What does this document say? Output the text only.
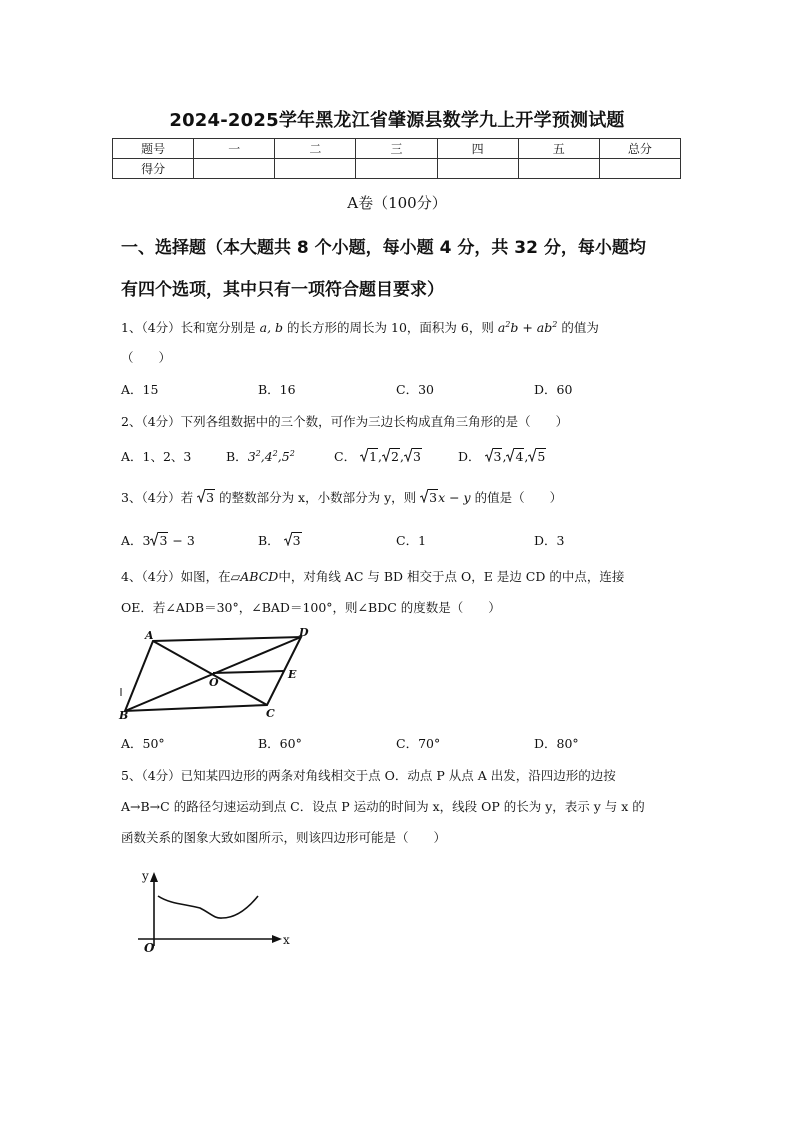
2024-2025学年黑龙江省肇源县数学九上开学预测试题
题号	一	二	三	四	五	总分
得分						
A卷（100分）
一、选择题（本大题共 8 个小题，每小题 4 分，共 32 分，每小题均
有四个选项，其中只有一项符合题目要求）
1、（4分）长和宽分别是 a, b 的长方形的周长为 10，面积为 6，则 $a^2b + ab^2$ 的值为
（　　）
A．15	B．16	C．30	D．60
2、（4分）下列各组数据中的三个数，可作为三边长构成直角三角形的是（　　）
A．1、2、3	B．$3^2,4^2,5^2$	C． 1, 2, 3	D． 3, 4, 5
3、（4分）若 3 的整数部分为 x，小数部分为 y，则 3x − y 的值是（　　）
A．3 3 − 3	B． 3	C．1	D．3
4、（4分）如图，在▱ABCD中，对角线 AC 与 BD 相交于点 O，E 是边 CD 的中点，连接
OE．若∠ADB＝30°，∠BAD＝100°，则∠BDC 的度数是（　　）
A	D
O
E
B	C
A．50°	B．60°	C．70°	D．80°
5、（4分）已知某四边形的两条对角线相交于点 O．动点 P 从点 A 出发，沿四边形的边按
A→B→C 的路径匀速运动到点 C．设点 P 运动的时间为 x，线段 OP 的长为 y，表示 y 与 x 的
函数关系的图象大致如图所示，则该四边形可能是（　　）
y
O
x
